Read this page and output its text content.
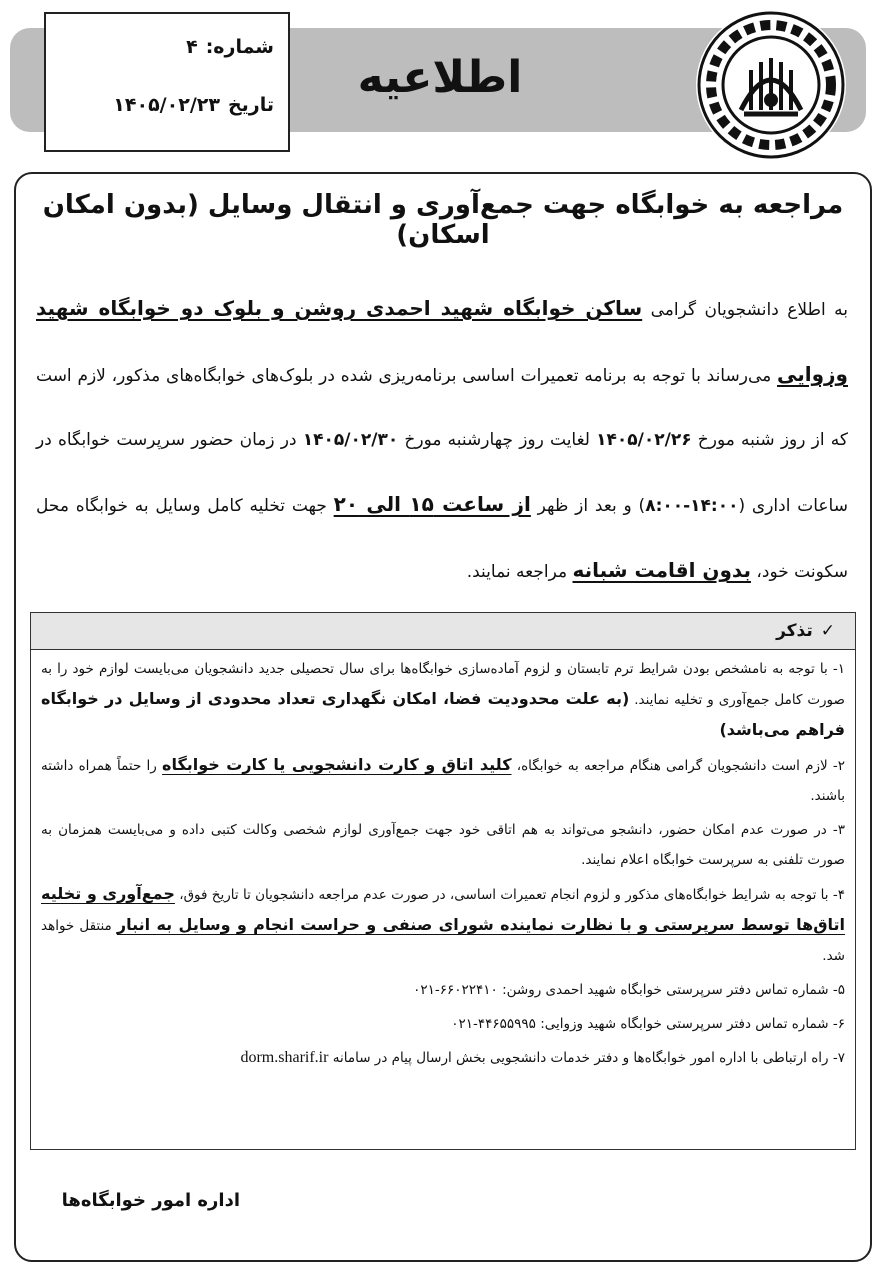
اطلاعیه
شماره:
۴
تاریخ
۱۴۰۵/۰۲/۲۳
مراجعه به خوابگاه جهت جمع‌آوری و انتقال وسایل (بدون امکان اسکان)
به اطلاع دانشجویان گرامی ساکن خوابگاه شهید احمدی روشن و بلوک دو خوابگاه شهید وزوایی می‌رساند با توجه به برنامه تعمیرات اساسی برنامه‌ریزی شده در بلوک‌های خوابگاه‌های مذکور، لازم است که از روز شنبه مورخ ۱۴۰۵/۰۲/۲۶ لغایت روز چهارشنبه مورخ ۱۴۰۵/۰۲/۳۰ در زمان حضور سرپرست خوابگاه در ساعات اداری (۸:۰۰-۱۴:۰۰) و بعد از ظهر از ساعت ۱۵ الی ۲۰ جهت تخلیه کامل وسایل به خوابگاه محل سکونت خود، بدون اقامت شبانه مراجعه نمایند.
✓
تذکر

۱- با توجه به نامشخص بودن شرایط ترم تابستان و لزوم آماده‌سازی خوابگاه‌ها برای سال تحصیلی جدید دانشجویان می‌بایست لوازم خود را به صورت کامل جمع‌آوری و تخلیه نمایند. (به علت محدودیت فضا، امکان نگهداری تعداد محدودی از وسایل در خوابگاه فراهم می‌باشد)

۲- لازم است دانشجویان گرامی هنگام مراجعه به خوابگاه، کلید اتاق و کارت دانشجویی یا کارت خوابگاه را حتماً همراه داشته باشند.

۳- در صورت عدم امکان حضور، دانشجو می‌تواند به هم اتاقی خود جهت جمع‌آوری لوازم شخصی وکالت کتبی داده و می‌بایست همزمان به صورت تلفنی به سرپرست خوابگاه اعلام نمایند.

۴- با توجه به شرایط خوابگاه‌های مذکور و لزوم انجام تعمیرات اساسی، در صورت عدم مراجعه دانشجویان تا تاریخ فوق، جمع‌آوری و تخلیه اتاق‌ها توسط سرپرستی و با نظارت نماینده شورای صنفی و حراست انجام و وسایل به انبار منتقل خواهد شد.

۵- شماره تماس دفتر سرپرستی خوابگاه شهید احمدی روشن: ۰۲۱-۶۶۰۲۲۴۱۰

۶- شماره تماس دفتر سرپرستی خوابگاه شهید وزوایی: ۰۲۱-۴۴۶۵۵۹۹۵

۷- راه ارتباطی با اداره امور خوابگاه‌ها و دفتر خدمات دانشجویی بخش ارسال پیام در سامانه dorm.sharif.ir

اداره امور خوابگاه‌ها
